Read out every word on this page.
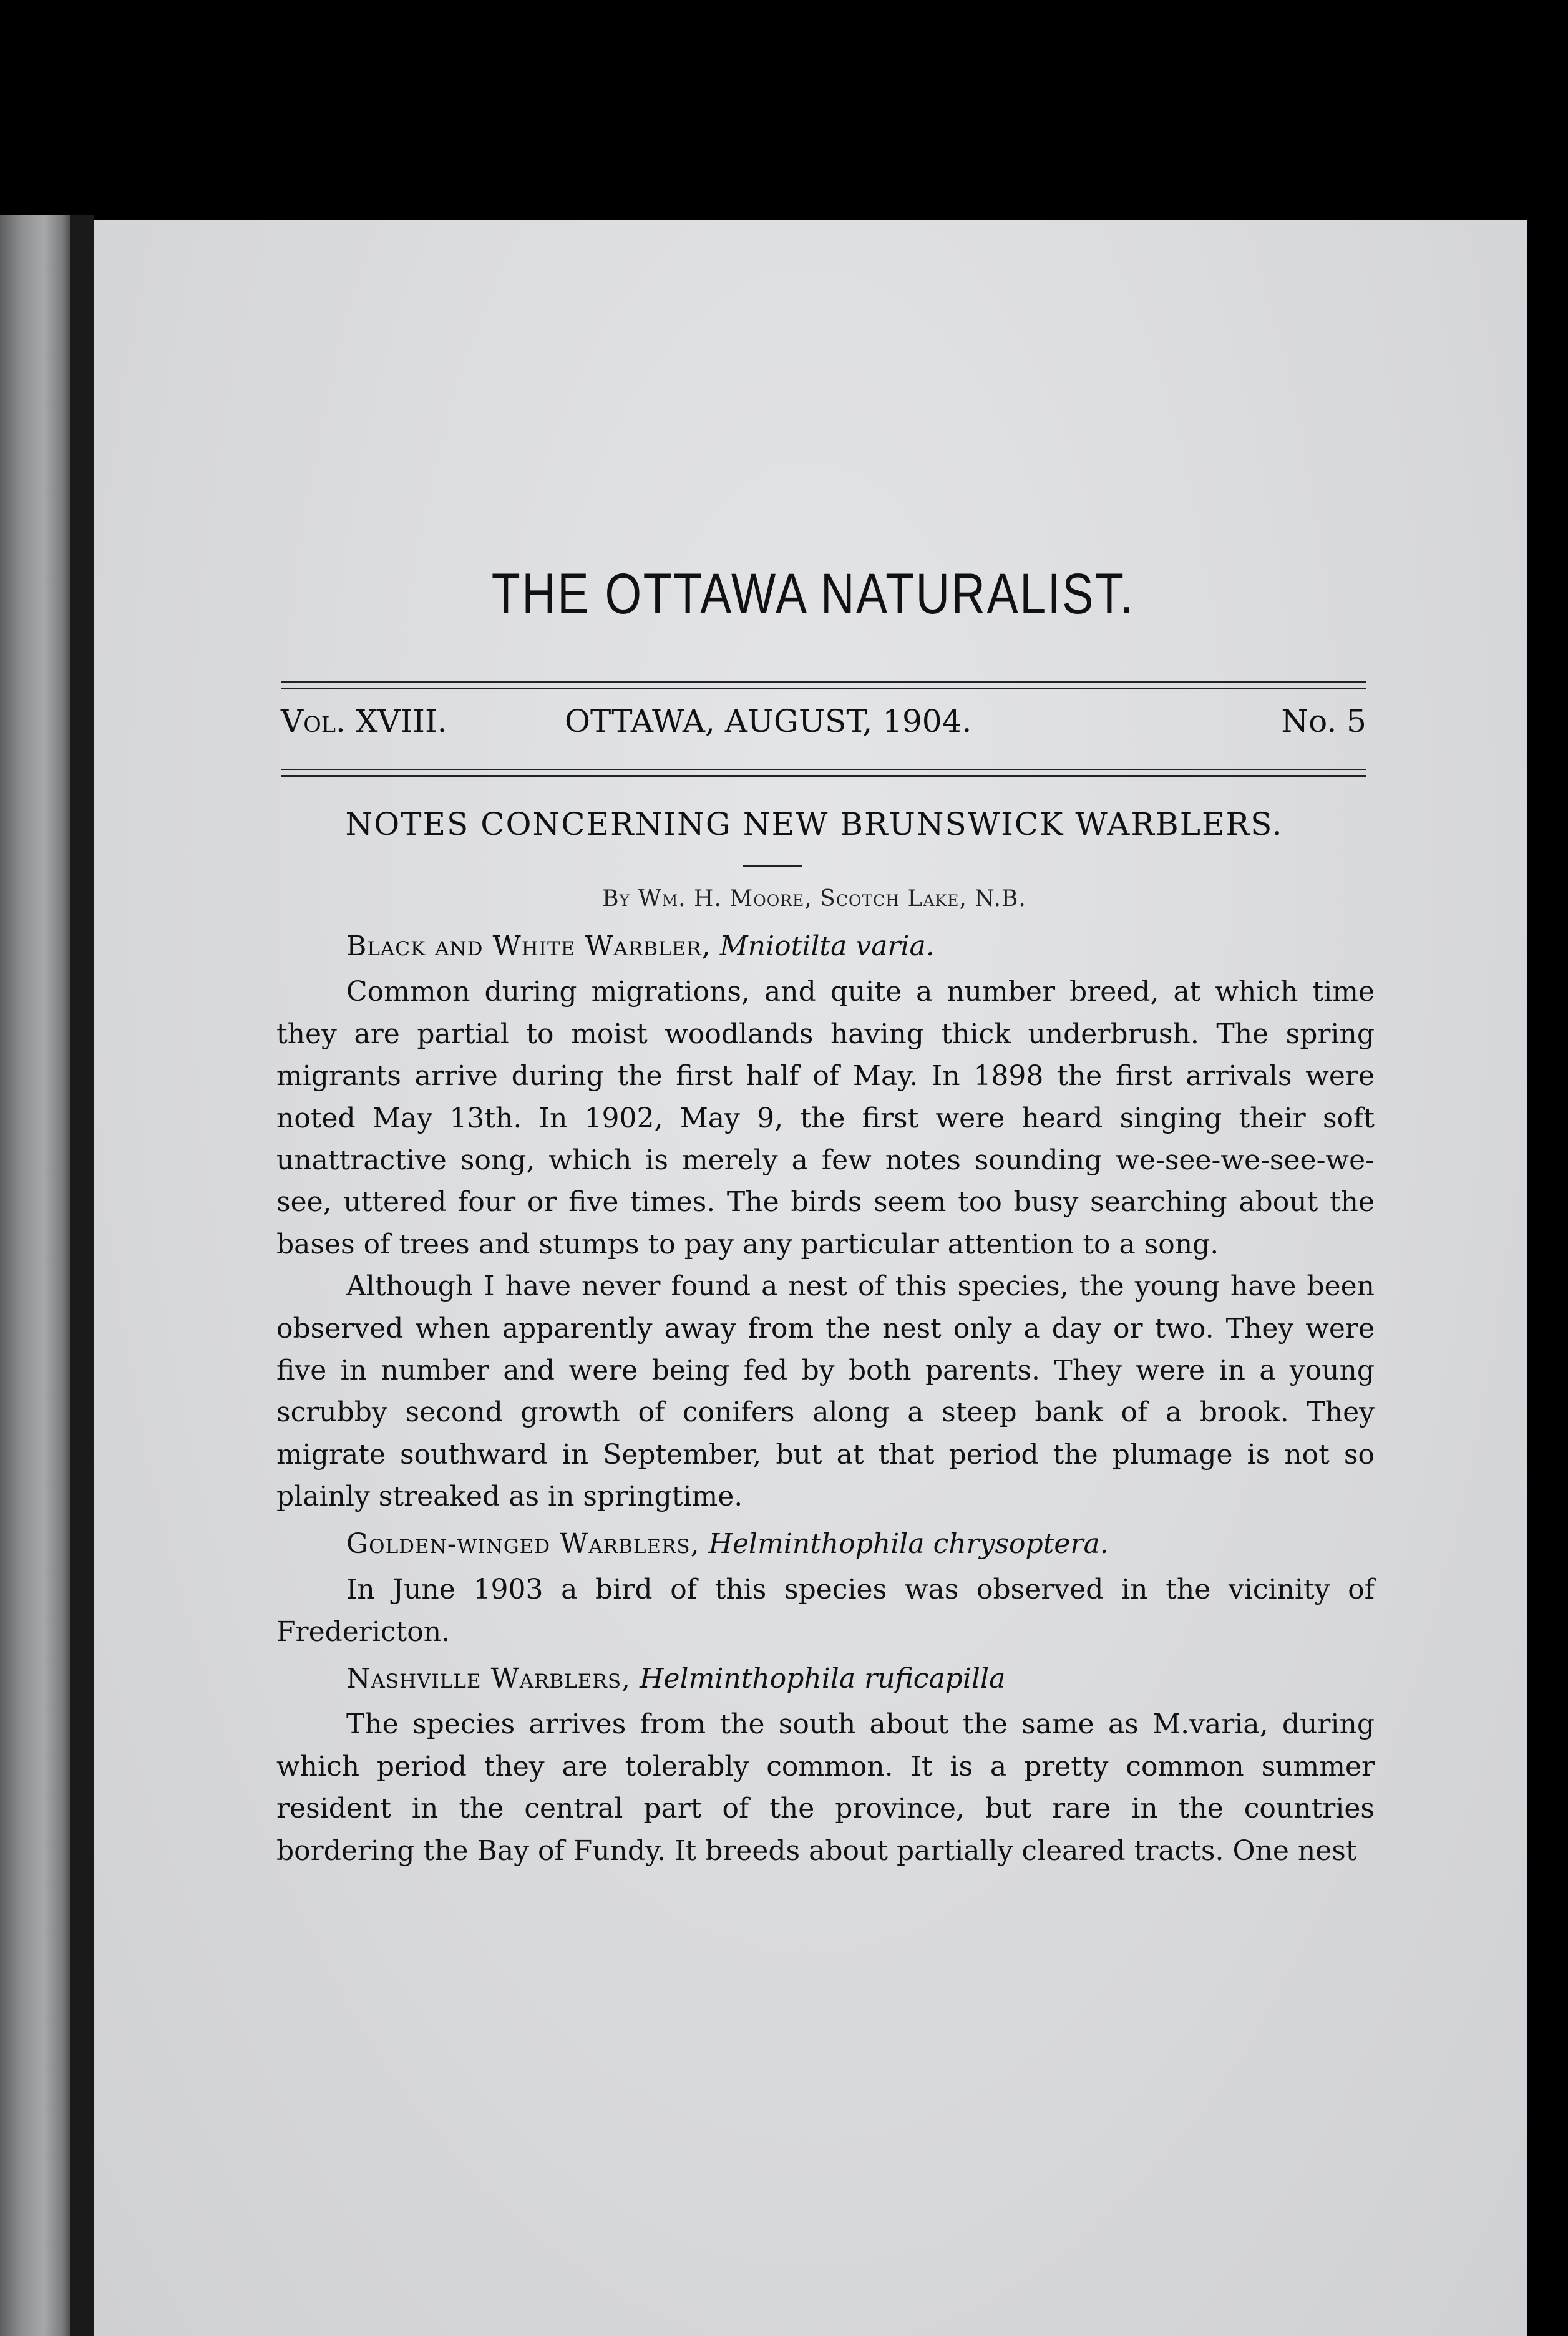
THE OTTAWA NATURALIST.
Vol. XVIII.	OTTAWA, AUGUST, 1904.	No. 5
NOTES CONCERNING NEW BRUNSWICK WARBLERS.
By Wm. H. Moore, Scotch Lake, N.B.

Black and White Warbler, Mniotilta varia.

Common during migrations, and quite a number breed, at which time they are partial to moist woodlands having thick underbrush. The spring migrants arrive during the first half of May. In 1898 the first arrivals were noted May 13th. In 1902, May 9, the first were heard singing their soft unattractive song, which is merely a few notes sounding we-see-we-see-we-see, uttered four or five times. The birds seem too busy searching about the bases of trees and stumps to pay any particular attention to a song.

Although I have never found a nest of this species, the young have been observed when apparently away from the nest only a day or two. They were five in number and were being fed by both parents. They were in a young scrubby second growth of conifers along a steep bank of a brook. They migrate southward in September, but at that period the plumage is not so plainly streaked as in springtime.

Golden-winged Warblers, Helminthophila chrysoptera.

In June 1903 a bird of this species was observed in the vicinity of Fredericton.

Nashville Warblers, Helminthophila ruficapilla

The species arrives from the south about the same as M.varia, during which period they are tolerably common. It is a pretty common summer resident in the central part of the province, but rare in the countries bordering the Bay of Fundy. It breeds about partially cleared tracts. One nest
